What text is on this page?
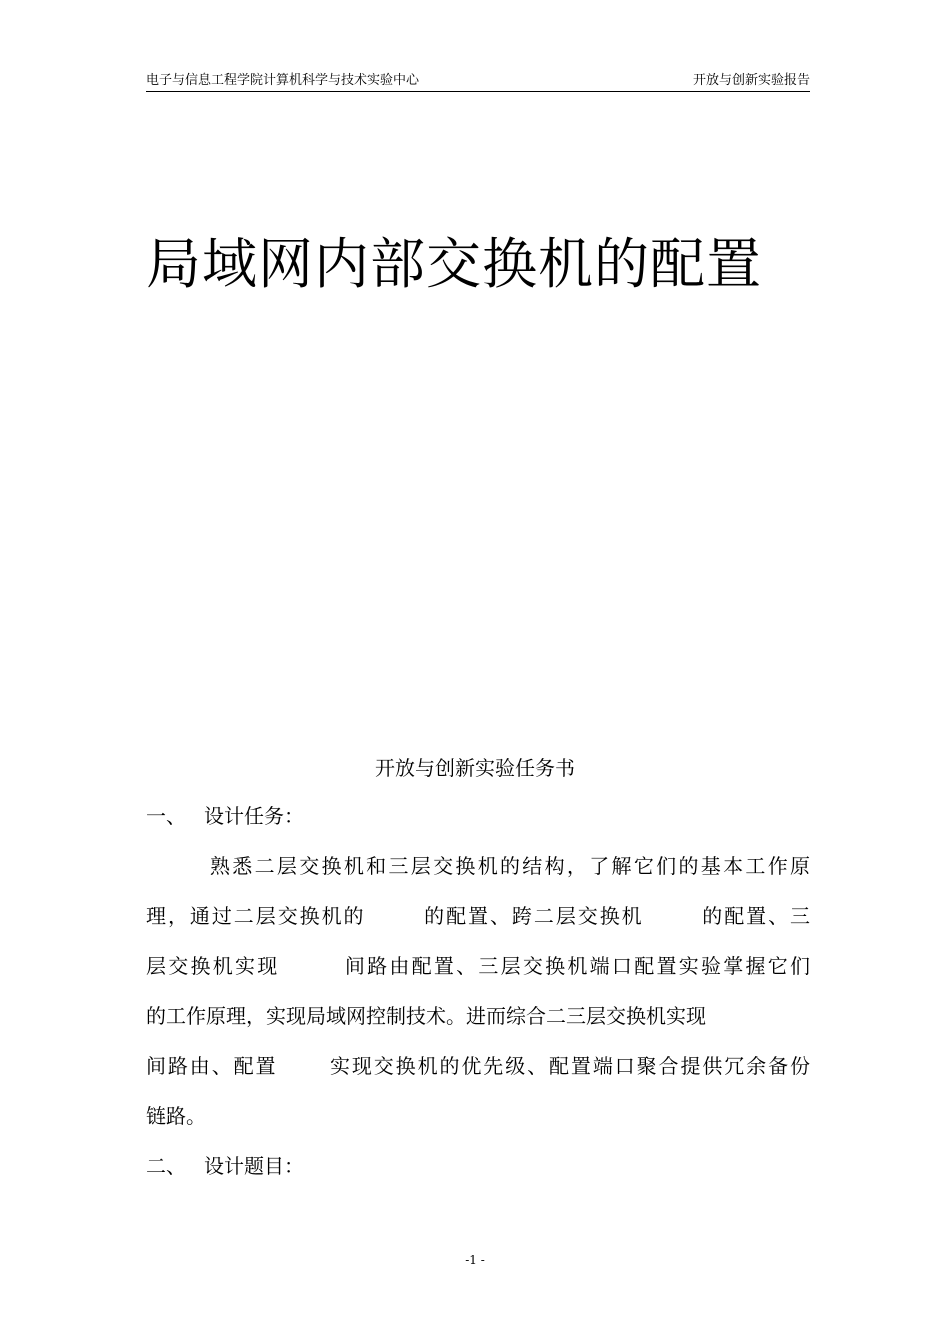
电子与信息工程学院计算机科学与技术实验中心	开放与创新实验报告
局域网内部交换机的配置
开放与创新实验任务书
一、 设计任务：
熟悉二层交换机和三层交换机的结构，了解它们的基本工作原
理，通过二层交换机的	的配置、跨二层交换机	的配置、三
层交换机实现	间路由配置、三层交换机端口配置实验掌握它们
的工作原理，实现局域网控制技术。进而综合二三层交换机实现
间路由、配置	实现交换机的优先级、配置端口聚合提供冗余备份
链路。
二、 设计题目：
-1 -
